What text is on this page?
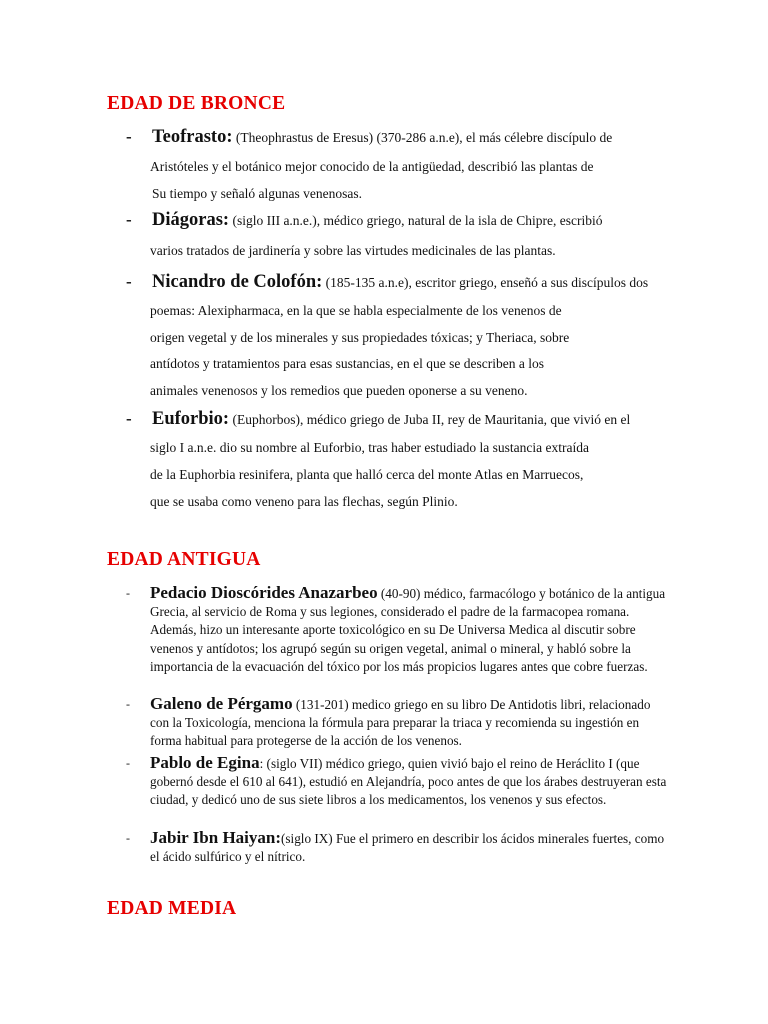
EDAD DE BRONCE
- Teofrasto: (Theophrastus de Eresus) (370-286 a.n.e), el más célebre discípulo de
Aristóteles y el botánico mejor conocido de la antigüedad, describió las plantas de
Su tiempo y señaló algunas venenosas.
- Diágoras: (siglo III a.n.e.), médico griego, natural de la isla de Chipre, escribió
varios tratados de jardinería y sobre las virtudes medicinales de las plantas.
- Nicandro de Colofón: (185-135 a.n.e), escritor griego, enseñó a sus discípulos dos
poemas: Alexipharmaca, en la que se habla especialmente de los venenos de
origen vegetal y de los minerales y sus propiedades tóxicas; y Theriaca, sobre
antídotos y tratamientos para esas sustancias, en el que se describen a los
animales venenosos y los remedios que pueden oponerse a su veneno.
- Euforbio: (Euphorbos), médico griego de Juba II, rey de Mauritania, que vivió en el
siglo I a.n.e. dio su nombre al Euforbio, tras haber estudiado la sustancia extraída
de la Euphorbia resinifera, planta que halló cerca del monte Atlas en Marruecos,
que se usaba como veneno para las flechas, según Plinio.
EDAD ANTIGUA
- Pedacio Dioscórides Anazarbeo (40-90) médico, farmacólogo y botánico de la antigua Grecia, al servicio de Roma y sus legiones, considerado el padre de la farmacopea romana. Además, hizo un interesante aporte toxicológico en su De Universa Medica al discutir sobre venenos y antídotos; los agrupó según su origen vegetal, animal o mineral, y habló sobre la importancia de la evacuación del tóxico por los más propicios lugares antes que cobre fuerzas.
- Galeno de Pérgamo (131-201) medico griego en su libro De Antidotis libri, relacionado con la Toxicología, menciona la fórmula para preparar la triaca y recomienda su ingestión en forma habitual para protegerse de la acción de los venenos.
- Pablo de Egina: (siglo VII) médico griego, quien vivió bajo el reino de Heráclito I (que gobernó desde el 610 al 641), estudió en Alejandría, poco antes de que los árabes destruyeran esta ciudad, y dedicó uno de sus siete libros a los medicamentos, los venenos y sus efectos.
- Jabir Ibn Haiyan:(siglo IX) Fue el primero en describir los ácidos minerales fuertes, como el ácido sulfúrico y el nítrico.
EDAD MEDIA
